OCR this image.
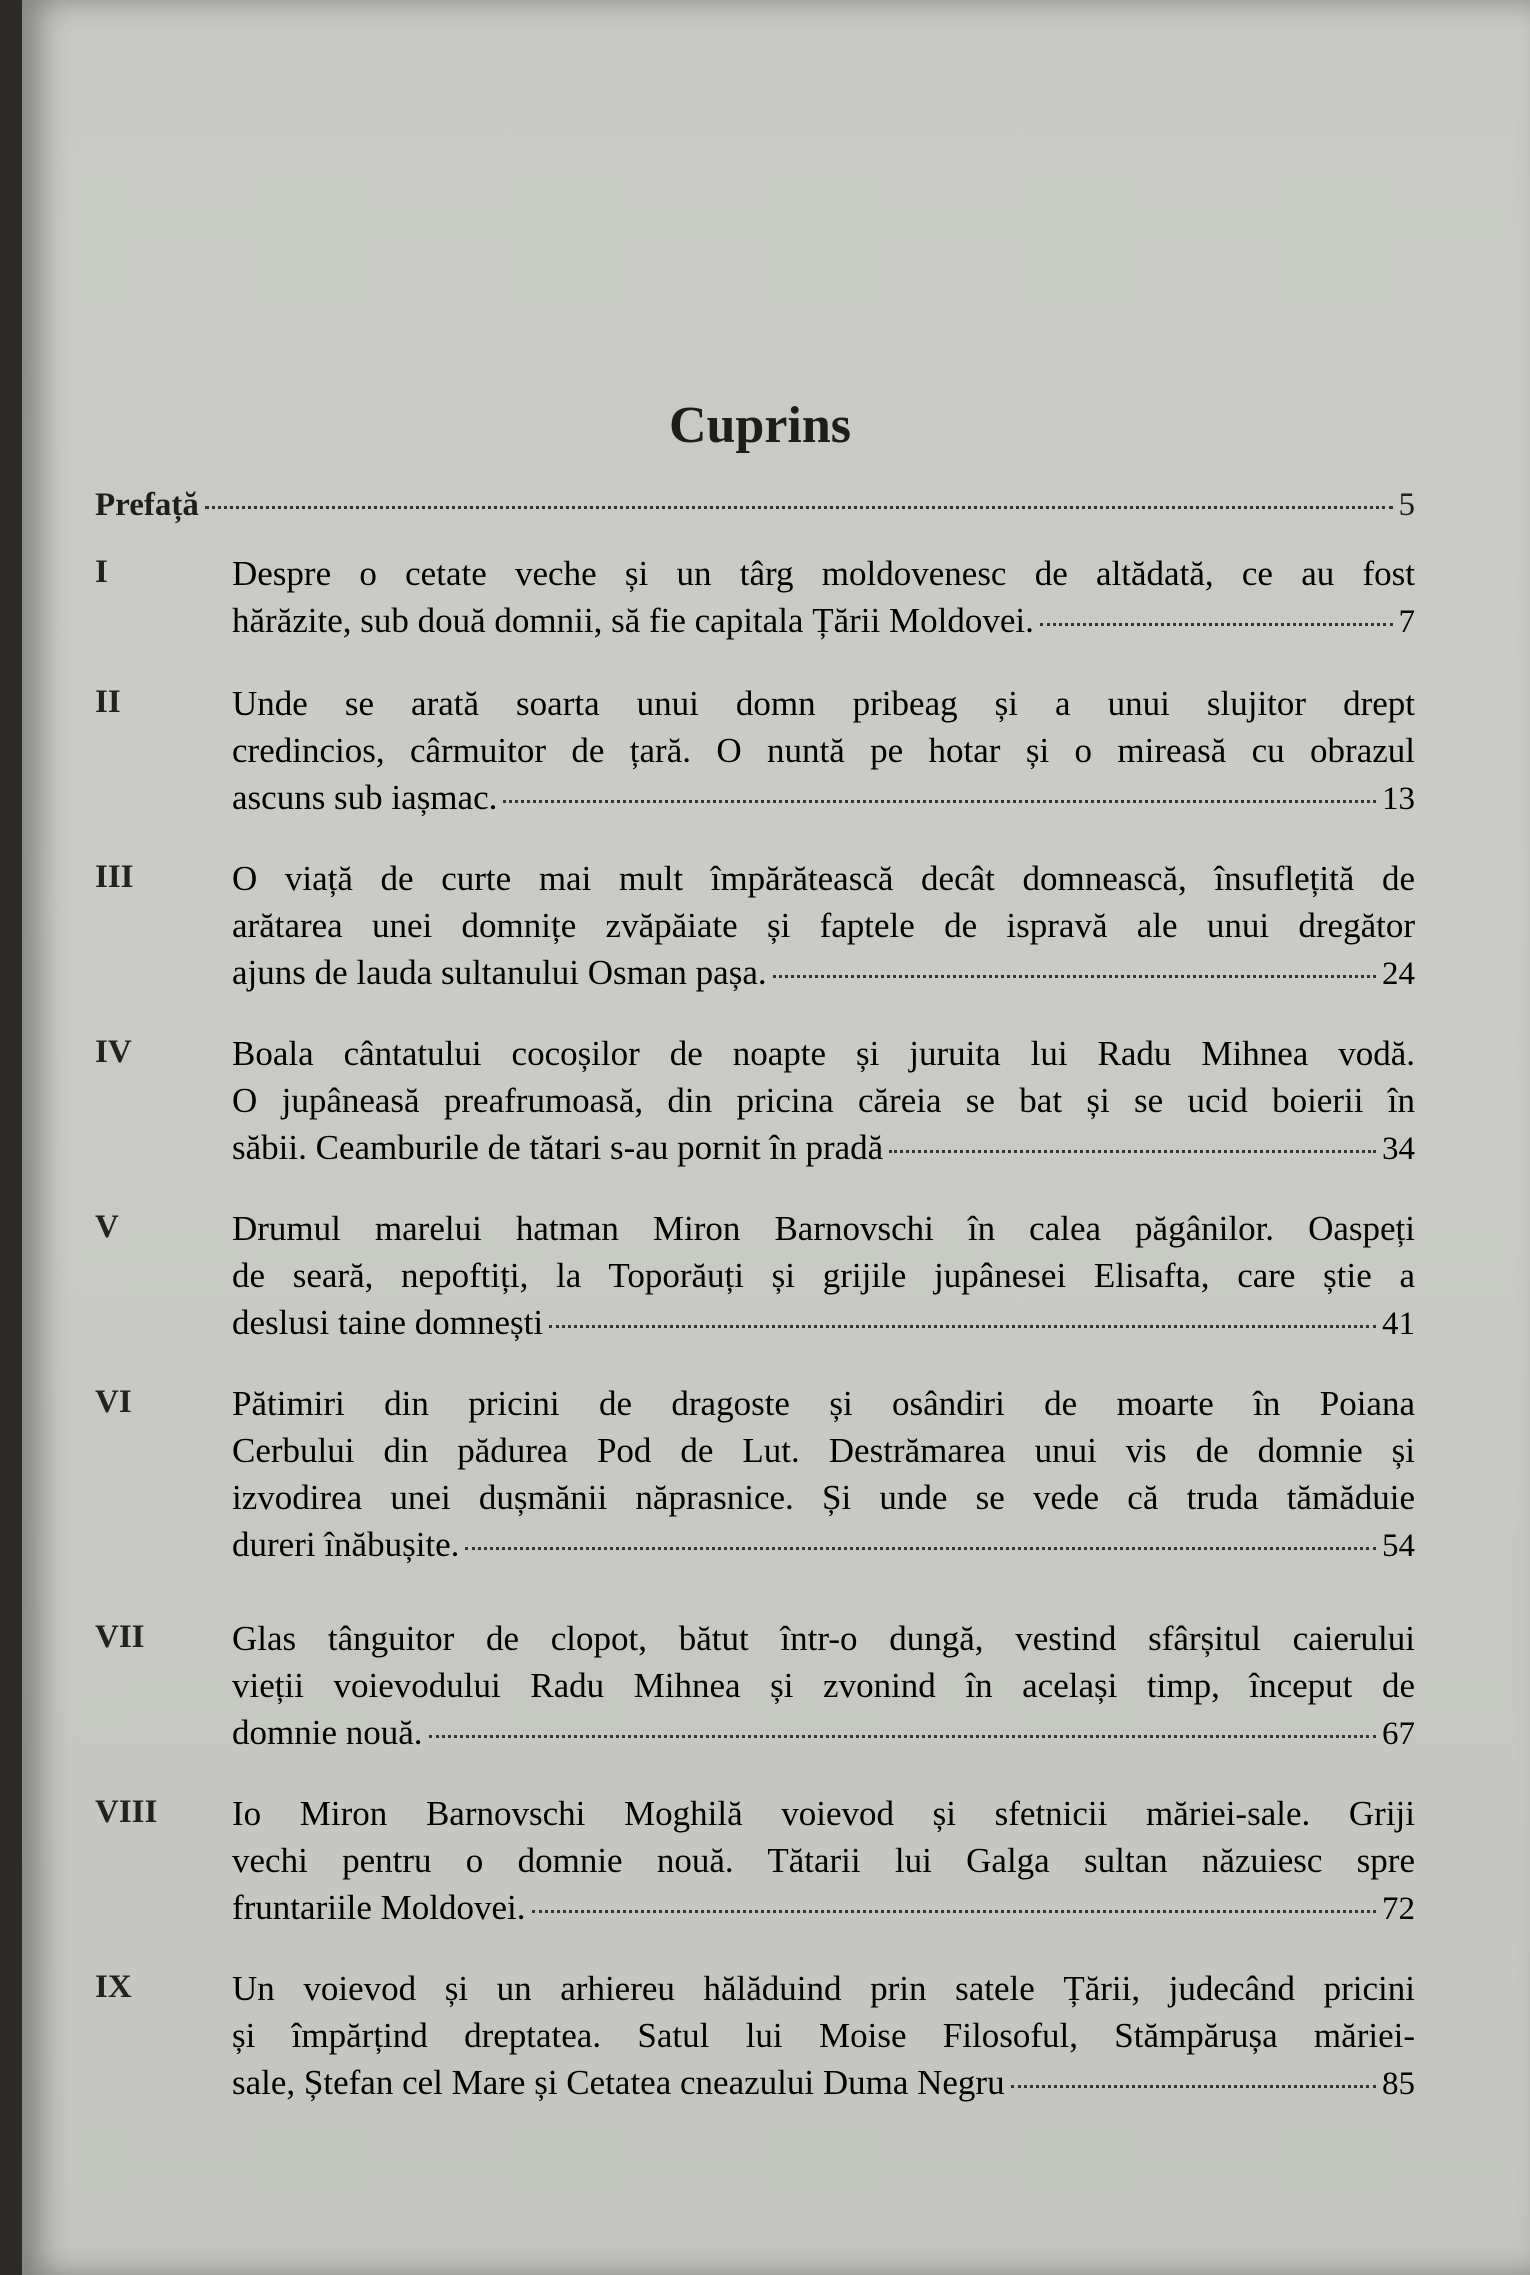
Cuprins
Prefață	5
I	Despre o cetate veche și un târg moldovenesc de altădată, ce au fost
hărăzite, sub două domnii, să fie capitala Țării Moldovei.	7
II	Unde se arată soarta unui domn pribeag și a unui slujitor drept
credincios, cârmuitor de țară. O nuntă pe hotar și o mireasă cu obrazul
ascuns sub iașmac.	13
III	O viață de curte mai mult împărătească decât domnească, însuflețită de
arătarea unei domnițe zvăpăiate și faptele de ispravă ale unui dregător
ajuns de lauda sultanului Osman pașa.	24
IV	Boala cântatului cocoșilor de noapte și juruita lui Radu Mihnea vodă.
O jupâneasă preafrumoasă, din pricina căreia se bat și se ucid boierii în
săbii. Ceamburile de tătari s-au pornit în pradă	34
V	Drumul marelui hatman Miron Barnovschi în calea păgânilor. Oaspeți
de seară, nepoftiți, la Toporăuți și grijile jupânesei Elisafta, care știe a
deslusi taine domnești	41
VI	Pătimiri din pricini de dragoste și osândiri de moarte în Poiana
Cerbului din pădurea Pod de Lut. Destrămarea unui vis de domnie și
izvodirea unei dușmănii năprasnice. Și unde se vede că truda tămăduie
dureri înăbușite.	54
VII Glas tânguitor de clopot, bătut într-o dungă, vestind sfârșitul caierului
vieții voievodului Radu Mihnea și zvonind în același timp, început de
domnie nouă.	67
VIII Io Miron Barnovschi Moghilă voievod și sfetnicii măriei-sale. Griji
vechi pentru o domnie nouă. Tătarii lui Galga sultan năzuiesc spre
fruntariile Moldovei.	72
IX	Un voievod și un arhiereu hălăduind prin satele Țării, judecând pricini
și împărțind dreptatea. Satul lui Moise Filosoful, Stămpărușa măriei-
sale, Ștefan cel Mare și Cetatea cneazului Duma Negru	85
